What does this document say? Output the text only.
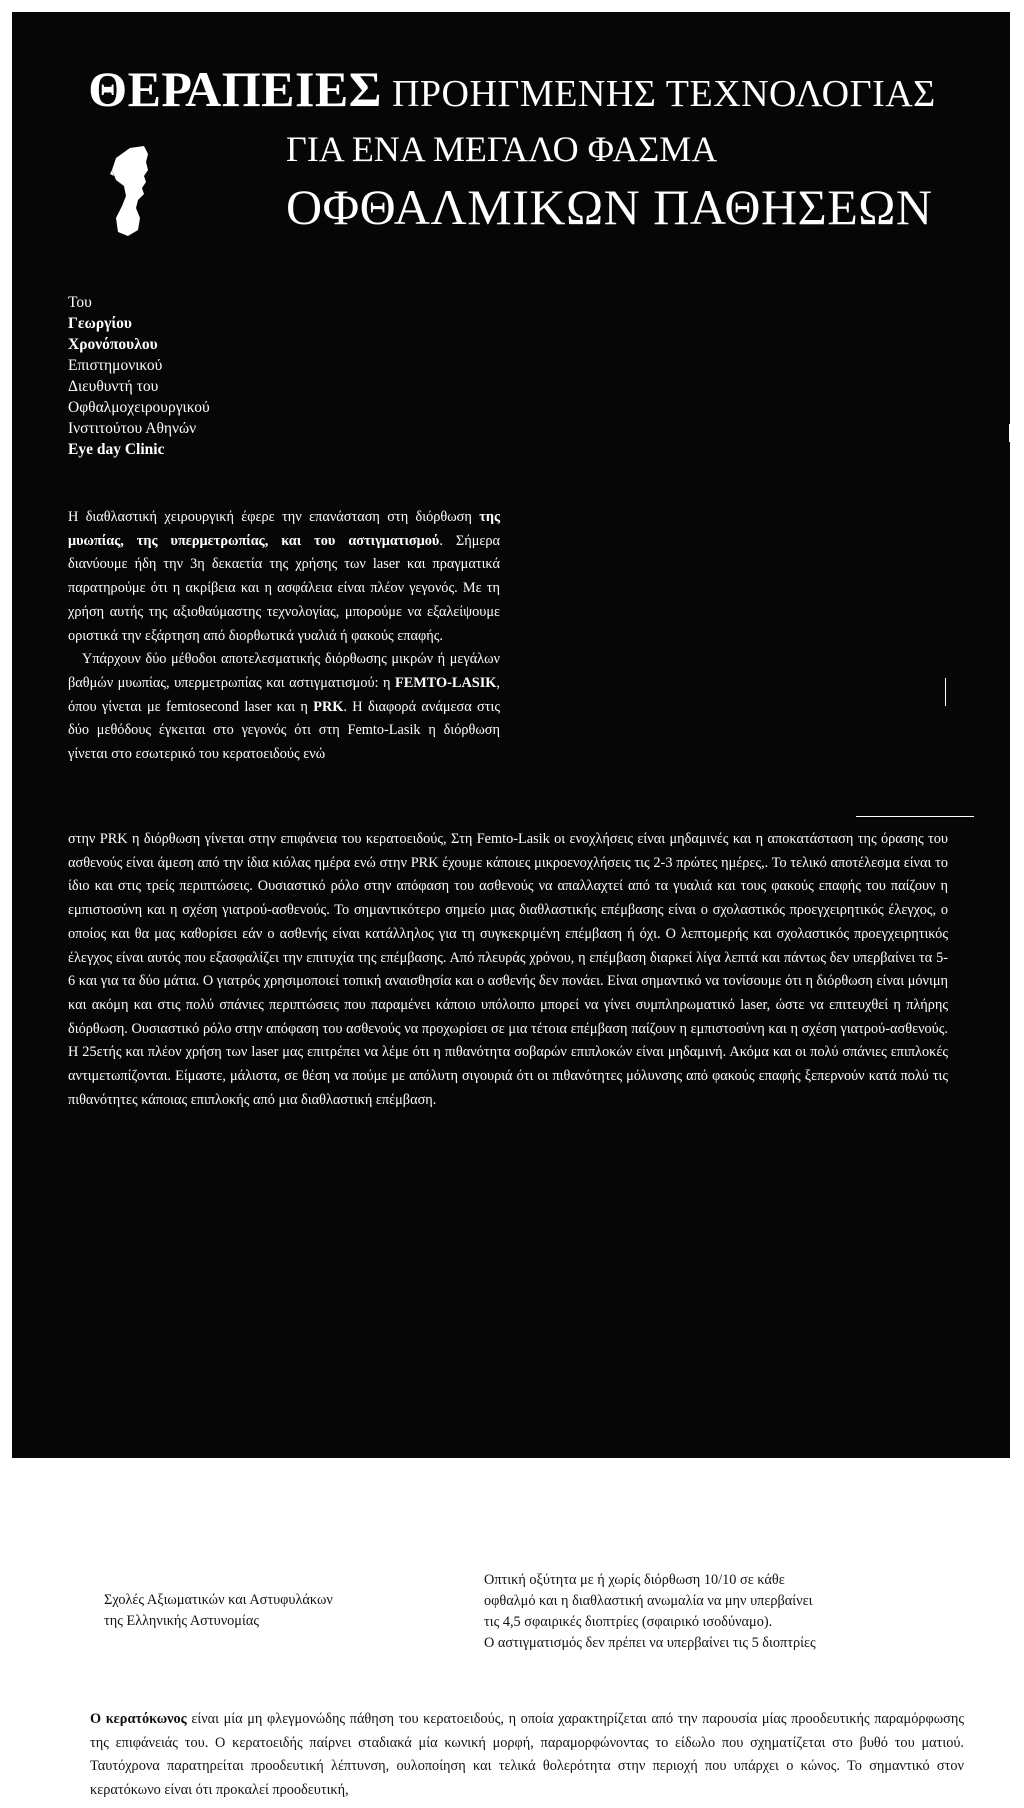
ΘΕΡΑΠΕΙΕΣ ΠΡΟΗΓΜΕΝΗΣ ΤΕΧΝΟΛΟΓΙΑΣ
ΓΙΑ ΕΝΑ ΜΕΓΑΛΟ ΦΑΣΜΑ
ΟΦΘΑΛΜΙΚΩΝ ΠΑΘΗΣΕΩΝ
Του
Γεωργίου
Χρονόπουλου
Επιστημονικού
Διευθυντή του
Οφθαλμοχειρουργικού
Ινστιτούτου Αθηνών
Eye day Clinic

Η διαθλαστική χειρουργική έφερε την επανάσταση στη διόρθωση της μυωπίας, της υπερμετρωπίας, και του αστιγματισμού. Σήμερα διανύουμε ήδη την 3η δεκαετία της χρήσης των laser και πραγματικά παρατηρούμε ότι η ακρίβεια και η ασφάλεια είναι πλέον γεγονός. Με τη χρήση αυτής της αξιοθαύμαστης τεχνολογίας, μπορούμε να εξαλείψουμε οριστικά την εξάρτηση από διορθωτικά γυαλιά ή φακούς επαφής.

Υπάρχουν δύο μέθοδοι αποτελεσματικής διόρθωσης μικρών ή μεγάλων βαθμών μυωπίας, υπερμετρωπίας και αστιγματισμού: η FEMTO-LASIK, όπου γίνεται με femtosecond laser και η PRK. Η διαφορά ανάμεσα στις δύο μεθόδους έγκειται στο γεγονός ότι στη Femto-Lasik η διόρθωση γίνεται στο εσωτερικό του κερατοειδούς ενώ

στην PRK η διόρθωση γίνεται στην επιφάνεια του κερατοειδούς, Στη Femto-Lasik οι ενοχλήσεις είναι μηδαμινές και η αποκατάσταση της όρασης του ασθενούς είναι άμεση από την ίδια κιόλας ημέρα ενώ στην PRK έχουμε κάποιες μικροενοχλήσεις τις 2-3 πρώτες ημέρες,. Το τελικό αποτέλεσμα είναι το ίδιο και στις τρείς περιπτώσεις. Ουσιαστικό ρόλο στην απόφαση του ασθενούς να απαλλαχτεί από τα γυαλιά και τους φακούς επαφής του παίζουν η εμπιστοσύνη και η σχέση γιατρού-ασθενούς. Το σημαντικότερο σημείο μιας διαθλαστικής επέμβασης είναι ο σχολαστικός προεγχειρητικός έλεγχος, ο οποίος και θα μας καθορίσει εάν ο ασθενής είναι κατάλληλος για τη συγκεκριμένη επέμβαση ή όχι. Ο λεπτομερής και σχολαστικός προεγχειρητικός έλεγχος είναι αυτός που εξασφαλίζει την επιτυχία της επέμβασης. Από πλευράς χρόνου, η επέμβαση διαρκεί λίγα λεπτά και πάντως δεν υπερβαίνει τα 5-6 και για τα δύο μάτια. Ο γιατρός χρησιμοποιεί τοπική αναισθησία και ο ασθενής δεν πονάει. Είναι σημαντικό να τονίσουμε ότι η διόρθωση είναι μόνιμη και ακόμη και στις πολύ σπάνιες περιπτώσεις που παραμένει κάποιο υπόλοιπο μπορεί να γίνει συμπληρωματικό laser, ώστε να επιτευχθεί η πλήρης διόρθωση. Ουσιαστικό ρόλο στην απόφαση του ασθενούς να προχωρίσει σε μια τέτοια επέμβαση παίζουν η εμπιστοσύνη και η σχέση γιατρού-ασθενούς. Η 25ετής και πλέον χρήση των laser μας επιτρέπει να λέμε ότι η πιθανότητα σοβαρών επιπλοκών είναι μηδαμινή. Ακόμα και οι πολύ σπάνιες επιπλοκές αντιμετωπίζονται. Είμαστε, μάλιστα, σε θέση να πούμε με απόλυτη σιγουριά ότι οι πιθανότητες μόλυνσης από φακούς επαφής ξεπερνούν κατά πολύ τις πιθανότητες κάποιας επιπλοκής από μια διαθλαστική επέμβαση.
Σχολές Αξιωματικών και Αστυφυλάκων
της Ελληνικής Αστυνομίας
Οπτική οξύτητα με ή χωρίς διόρθωση 10/10 σε κάθε
οφθαλμό και η διαθλαστική ανωμαλία να μην υπερβαίνει
τις 4,5 σφαιρικές διοπτρίες (σφαιρικό ισοδύναμο).
Ο αστιγματισμός δεν πρέπει να υπερβαίνει τις 5 διοπτρίες
Ο κερατόκωνος είναι μία μη φλεγμονώδης πάθηση του κερατοειδούς, η οποία χαρακτηρίζεται από την παρουσία μίας προοδευτικής παραμόρφωσης της επιφάνειάς του. Ο κερατοειδής παίρνει σταδιακά μία κωνική μορφή, παραμορφώνοντας το είδωλο που σχηματίζεται στο βυθό του ματιού. Ταυτόχρονα παρατηρείται προοδευτική λέπτυνση, ουλοποίηση και τελικά θολερότητα στην περιοχή που υπάρχει ο κώνος. Το σημαντικό στον κερατόκωνο είναι ότι προκαλεί προοδευτική,
